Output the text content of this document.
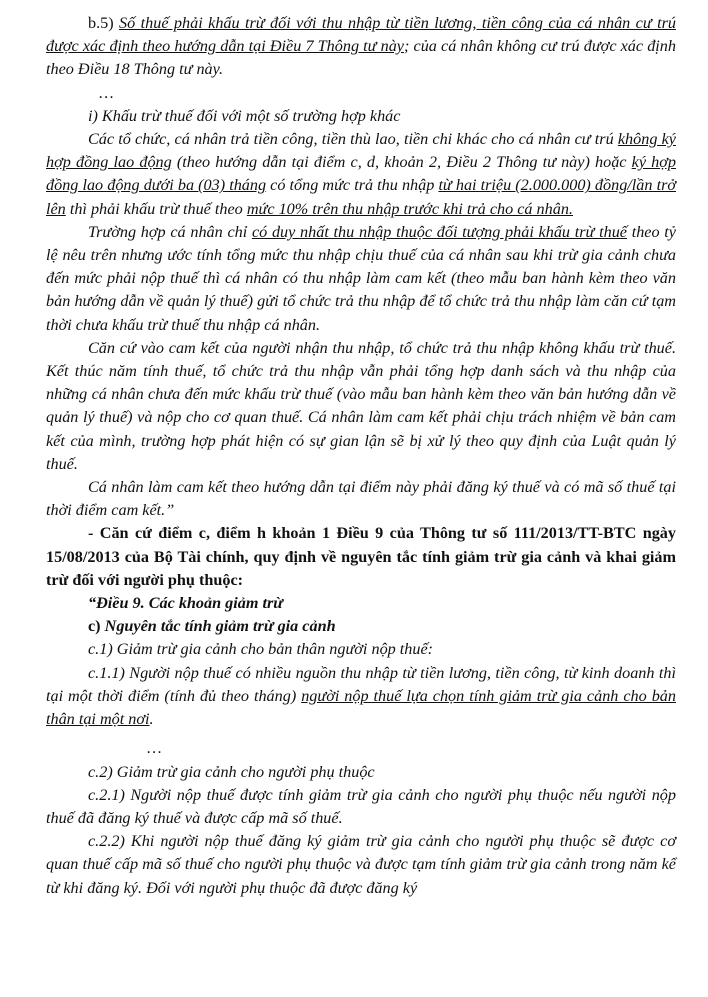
b.5) Số thuế phải khấu trừ đối với thu nhập từ tiền lương, tiền công của cá nhân cư trú được xác định theo hướng dẫn tại Điều 7 Thông tư này; của cá nhân không cư trú được xác định theo Điều 18 Thông tư này.

…

i) Khấu trừ thuế đối với một số trường hợp khác

Các tổ chức, cá nhân trả tiền công, tiền thù lao, tiền chi khác cho cá nhân cư trú không ký hợp đồng lao động (theo hướng dẫn tại điểm c, d, khoản 2, Điều 2 Thông tư này) hoặc ký hợp đồng lao động dưới ba (03) tháng có tổng mức trả thu nhập từ hai triệu (2.000.000) đồng/lần trở lên thì phải khấu trừ thuế theo mức 10% trên thu nhập trước khi trả cho cá nhân.

Trường hợp cá nhân chỉ có duy nhất thu nhập thuộc đối tượng phải khấu trừ thuế theo tỷ lệ nêu trên nhưng ước tính tổng mức thu nhập chịu thuế của cá nhân sau khi trừ gia cảnh chưa đến mức phải nộp thuế thì cá nhân có thu nhập làm cam kết (theo mẫu ban hành kèm theo văn bản hướng dẫn về quản lý thuế) gửi tổ chức trả thu nhập để tổ chức trả thu nhập làm căn cứ tạm thời chưa khấu trừ thuế thu nhập cá nhân.

Căn cứ vào cam kết của người nhận thu nhập, tổ chức trả thu nhập không khấu trừ thuế. Kết thúc năm tính thuế, tổ chức trả thu nhập vẫn phải tổng hợp danh sách và thu nhập của những cá nhân chưa đến mức khấu trừ thuế (vào mẫu ban hành kèm theo văn bản hướng dẫn về quản lý thuế) và nộp cho cơ quan thuế. Cá nhân làm cam kết phải chịu trách nhiệm về bản cam kết của mình, trường hợp phát hiện có sự gian lận sẽ bị xử lý theo quy định của Luật quản lý thuế.

Cá nhân làm cam kết theo hướng dẫn tại điểm này phải đăng ký thuế và có mã số thuế tại thời điểm cam kết.”

- Căn cứ điểm c, điểm h khoản 1 Điều 9 của Thông tư số 111/2013/TT-BTC ngày 15/08/2013 của Bộ Tài chính, quy định về nguyên tắc tính giảm trừ gia cảnh và khai giảm trừ đối với người phụ thuộc:

“Điều 9. Các khoản giảm trừ

c) Nguyên tắc tính giảm trừ gia cảnh

c.1) Giảm trừ gia cảnh cho bản thân người nộp thuế:

c.1.1) Người nộp thuế có nhiều nguồn thu nhập từ tiền lương, tiền công, từ kinh doanh thì tại một thời điểm (tính đủ theo tháng) người nộp thuế lựa chọn tính giảm trừ gia cảnh cho bản thân tại một nơi.

…

c.2) Giảm trừ gia cảnh cho người phụ thuộc

c.2.1) Người nộp thuế được tính giảm trừ gia cảnh cho người phụ thuộc nếu người nộp thuế đã đăng ký thuế và được cấp mã số thuế.

c.2.2) Khi người nộp thuế đăng ký giảm trừ gia cảnh cho người phụ thuộc sẽ được cơ quan thuế cấp mã số thuế cho người phụ thuộc và được tạm tính giảm trừ gia cảnh trong năm kể từ khi đăng ký. Đối với người phụ thuộc đã được đăng ký
